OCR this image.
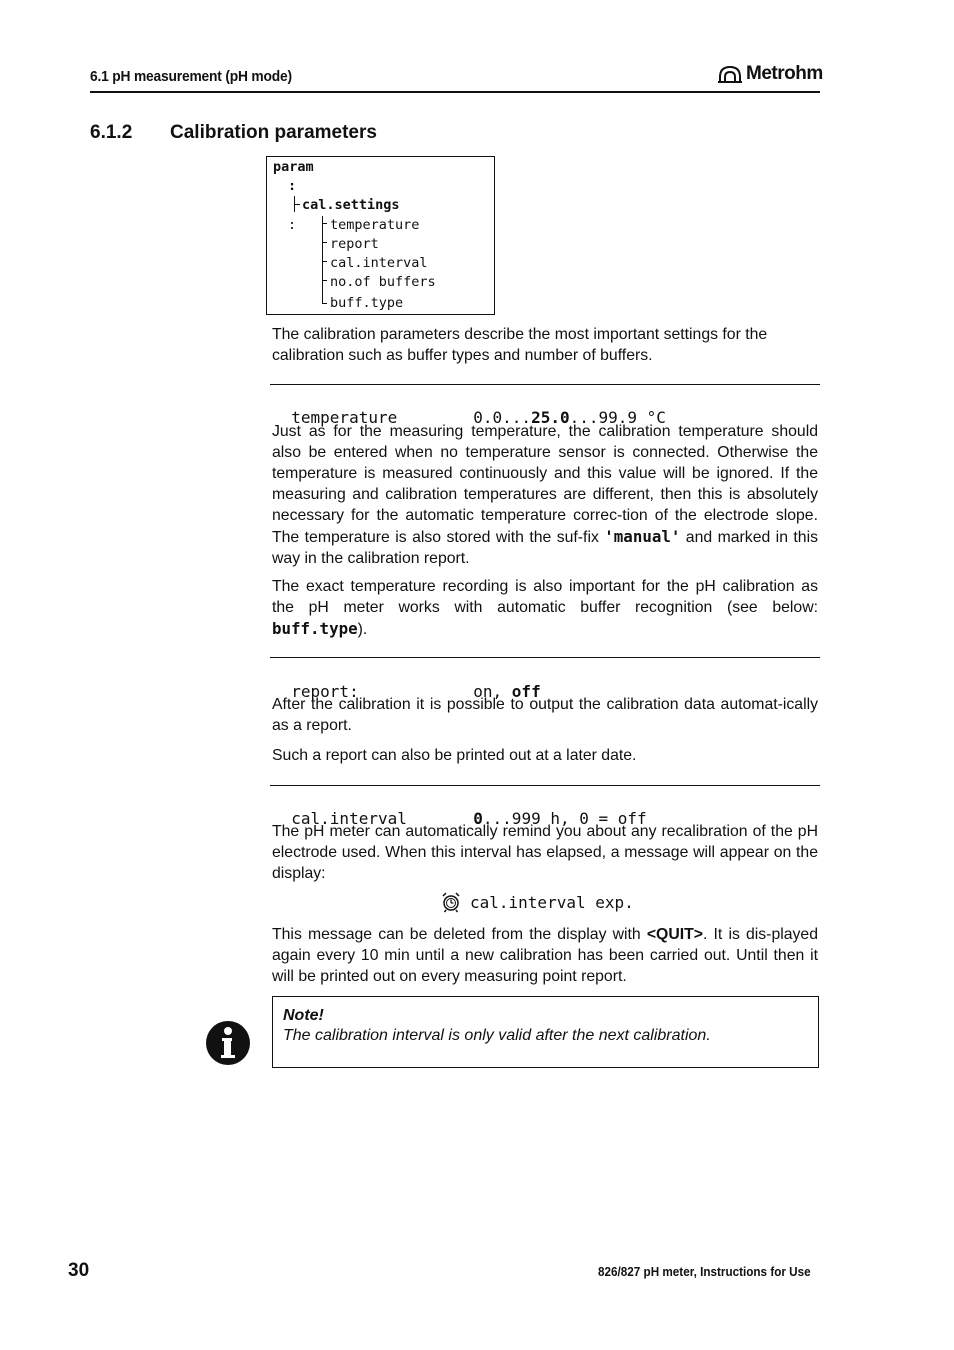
6.1 pH measurement (pH mode)	Metrohm
6.1.2 Calibration parameters
param
:
cal.settings
:	temperature
report
cal.interval
no.of buffers
buff.type
The calibration parameters describe the most important settings for the calibration such as buffer types and number of buffers.

temperature	0.0...25.0...99.9 °C

Just as for the measuring temperature, the calibration temperature should also be entered when no temperature sensor is connected. Otherwise the temperature is measured continuously and this value will be ignored. If the measuring and calibration temperatures are different, then this is absolutely necessary for the automatic temperature correc-tion of the electrode slope. The temperature is also stored with the suf-fix 'manual' and marked in this way in the calibration report.
The exact temperature recording is also important for the pH calibration as the pH meter works with automatic buffer recognition (see below: buff.type).

report:	on, off

After the calibration it is possible to output the calibration data automat-ically as a report.
Such a report can also be printed out at a later date.

cal.interval	0...999 h, 0 = off

The pH meter can automatically remind you about any recalibration of the pH electrode used. When this interval has elapsed, a message will appear on the display:
cal.interval exp.
This message can be deleted from the display with <QUIT>. It is dis-played again every 10 min until a new calibration has been carried out. Until then it will be printed out on every measuring point report.
Note!
The calibration interval is only valid after the next calibration.
30	826/827 pH meter, Instructions for Use
